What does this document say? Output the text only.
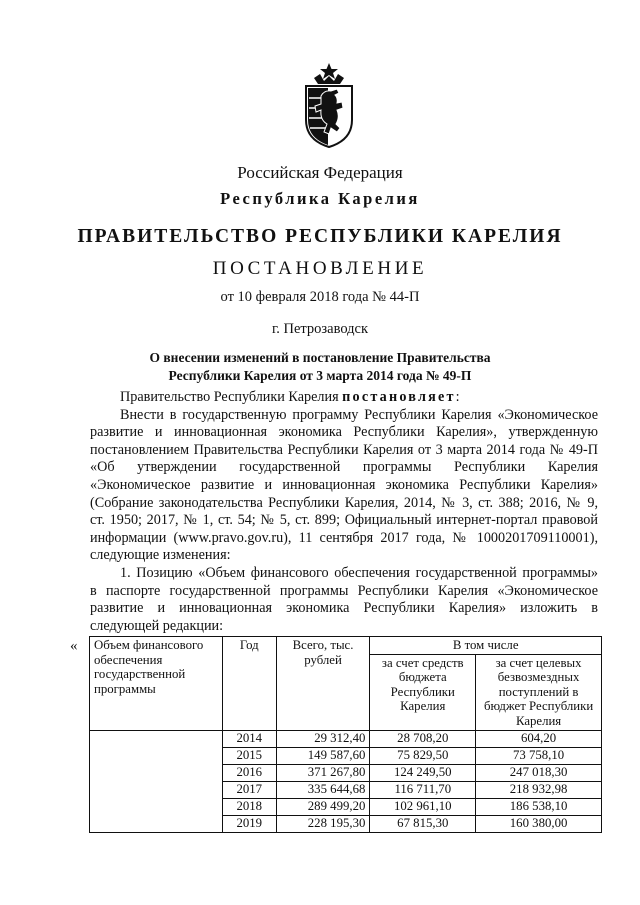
Российская Федерация
Республика Карелия
ПРАВИТЕЛЬСТВО РЕСПУБЛИКИ КАРЕЛИЯ
ПОСТАНОВЛЕНИЕ
от 10 февраля 2018 года № 44-П
г. Петрозаводск
О внесении изменений в постановление Правительства
Республики Карелия от 3 марта 2014 года № 49-П
Правительство Республики Карелия постановляет:
Внести в государственную программу Республики Карелия «Экономическое
развитие и инновационная экономика Республики Карелия», утвержденную
постановлением Правительства Республики Карелия от 3 марта 2014 года № 49-П
«Об утверждении государственной программы Республики Карелия
«Экономическое развитие и инновационная экономика Республики Карелия»
(Собрание законодательства Республики Карелия, 2014, № 3, ст. 388; 2016, № 9,
ст. 1950; 2017, № 1, ст. 54; № 5, ст. 899; Официальный интернет-портал правовой
информации (www.pravo.gov.ru), 11 сентября 2017 года, № 1000201709110001),
следующие изменения:
1. Позицию «Объем финансового обеспечения государственной программы»
в паспорте государственной программы Республики Карелия «Экономическое
развитие и инновационная экономика Республики Карелия» изложить в
следующей редакции:
« Объем финансового обеспечения государственной программы	Год	Всего, тыс. рублей	В том числе	
			за счет средств бюджета Республики Карелия	за счет целевых безвозмездных поступлений в бюджет Республики Карелия
	2014	29 312,40	28 708,20	604,20
	2015	149 587,60	75 829,50	73 758,10
	2016	371 267,80	124 249,50	247 018,30
	2017	335 644,68	116 711,70	218 932,98
	2018	289 499,20	102 961,10	186 538,10
	2019	228 195,30	67 815,30	160 380,00
